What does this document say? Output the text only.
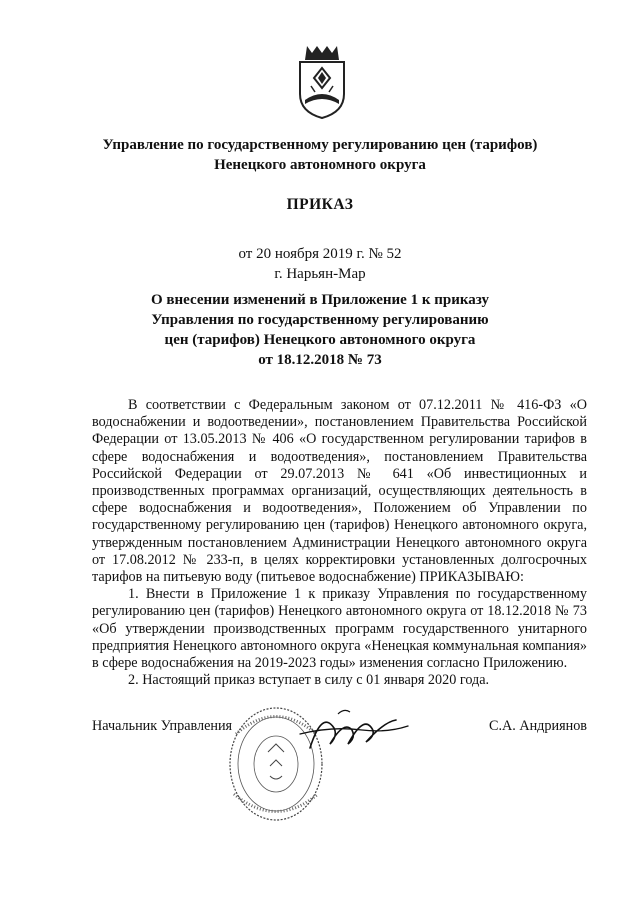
Управление по государственному регулированию цен (тарифов)
Ненецкого автономного округа
ПРИКАЗ
от 20 ноября 2019 г. № 52
г. Нарьян-Мар
О внесении изменений в Приложение 1 к приказу
Управления по государственному регулированию
цен (тарифов) Ненецкого автономного округа
от 18.12.2018 № 73

В соответствии с Федеральным законом от 07.12.2011 № 416-ФЗ «О водоснабжении и водоотведении», постановлением Правительства Российской Федерации от 13.05.2013 № 406 «О государственном регулировании тарифов в сфере водоснабжения и водоотведения», постановлением Правительства Российской Федерации от 29.07.2013 № 641 «Об инвестиционных и производственных программах организаций, осуществляющих деятельность в сфере водоснабжения и водоотведения», Положением об Управлении по государственному регулированию цен (тарифов) Ненецкого автономного округа, утвержденным постановлением Администрации Ненецкого автономного округа от 17.08.2012 № 233-п, в целях корректировки установленных долгосрочных тарифов на питьевую воду (питьевое водоснабжение) ПРИКАЗЫВАЮ:

1. Внести в Приложение 1 к приказу Управления по государственному регулированию цен (тарифов) Ненецкого автономного округа от 18.12.2018 № 73 «Об утверждении производственных программ государственного унитарного предприятия Ненецкого автономного округа «Ненецкая коммунальная компания» в сфере водоснабжения на 2019-2023 годы» изменения согласно Приложению.

2. Настоящий приказ вступает в силу с 01 января 2020 года.

Начальник Управления	С.А. Андриянов
